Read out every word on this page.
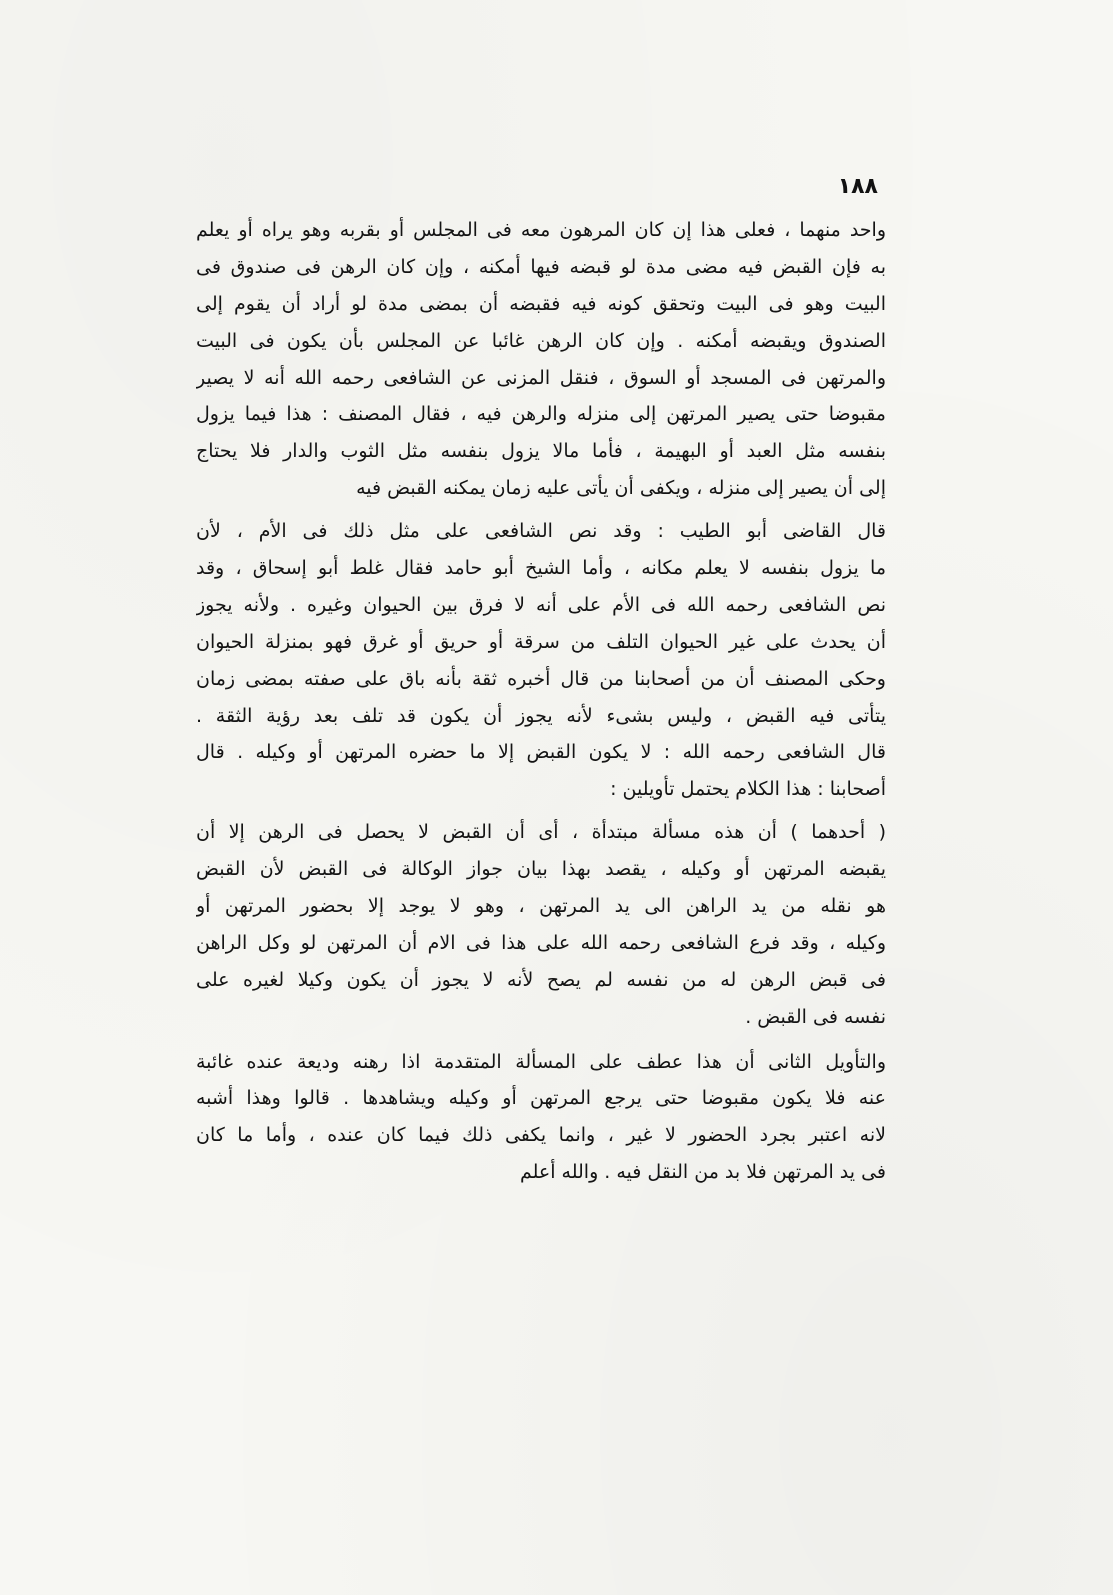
١٨٨
واحد منهما ، فعلى هذا إن كان المرهون معه فى المجلس أو بقربه وهو يراه أو يعلم
به فإن القبض فيه مضى مدة لو قبضه فيها أمكنه ، وإن كان الرهن فى صندوق فى
البيت وهو فى البيت وتحقق كونه فيه فقبضه أن بمضى مدة لو أراد أن يقوم إلى
الصندوق ويقبضه أمكنه . وإن كان الرهن غائبا عن المجلس بأن يكون فى البيت
والمرتهن فى المسجد أو السوق ، فنقل المزنى عن الشافعى رحمه الله أنه لا يصير
مقبوضا حتى يصير المرتهن إلى منزله والرهن فيه ، فقال المصنف : هذا فيما يزول
بنفسه مثل العبد أو البهيمة ، فأما مالا يزول بنفسه مثل الثوب والدار فلا يحتاج
إلى أن يصير إلى منزله ، ويكفى أن يأتى عليه زمان يمكنه القبض فيه
قال القاضى أبو الطيب : وقد نص الشافعى على مثل ذلك فى الأم ، لأن
ما يزول بنفسه لا يعلم مكانه ، وأما الشيخ أبو حامد فقال غلط أبو إسحاق ، وقد
نص الشافعى رحمه الله فى الأم على أنه لا فرق بين الحيوان وغيره . ولأنه يجوز
أن يحدث على غير الحيوان التلف من سرقة أو حريق أو غرق فهو بمنزلة الحيوان
وحكى المصنف أن من أصحابنا من قال أخبره ثقة بأنه باق على صفته بمضى زمان
يتأتى فيه القبض ، وليس بشىء لأنه يجوز أن يكون قد تلف بعد رؤية الثقة .
قال الشافعى رحمه الله : لا يكون القبض إلا ما حضره المرتهن أو وكيله . قال
أصحابنا : هذا الكلام يحتمل تأويلين :
( أحدهما ) أن هذه مسألة مبتدأة ، أى أن القبض لا يحصل فى الرهن إلا أن
يقبضه المرتهن أو وكيله ، يقصد بهذا بيان جواز الوكالة فى القبض لأن القبض
هو نقله من يد الراهن الى يد المرتهن ، وهو لا يوجد إلا بحضور المرتهن أو
وكيله ، وقد فرع الشافعى رحمه الله على هذا فى الام أن المرتهن لو وكل الراهن
فى قبض الرهن له من نفسه لم يصح لأنه لا يجوز أن يكون وكيلا لغيره على
نفسه فى القبض .
والتأويل الثانى أن هذا عطف على المسألة المتقدمة اذا رهنه وديعة عنده غائبة
عنه فلا يكون مقبوضا حتى يرجع المرتهن أو وكيله ويشاهدها . قالوا وهذا أشبه
لانه اعتبر بجرد الحضور لا غير ، وانما يكفى ذلك فيما كان عنده ، وأما ما كان
فى يد المرتهن فلا بد من النقل فيه . والله أعلم
